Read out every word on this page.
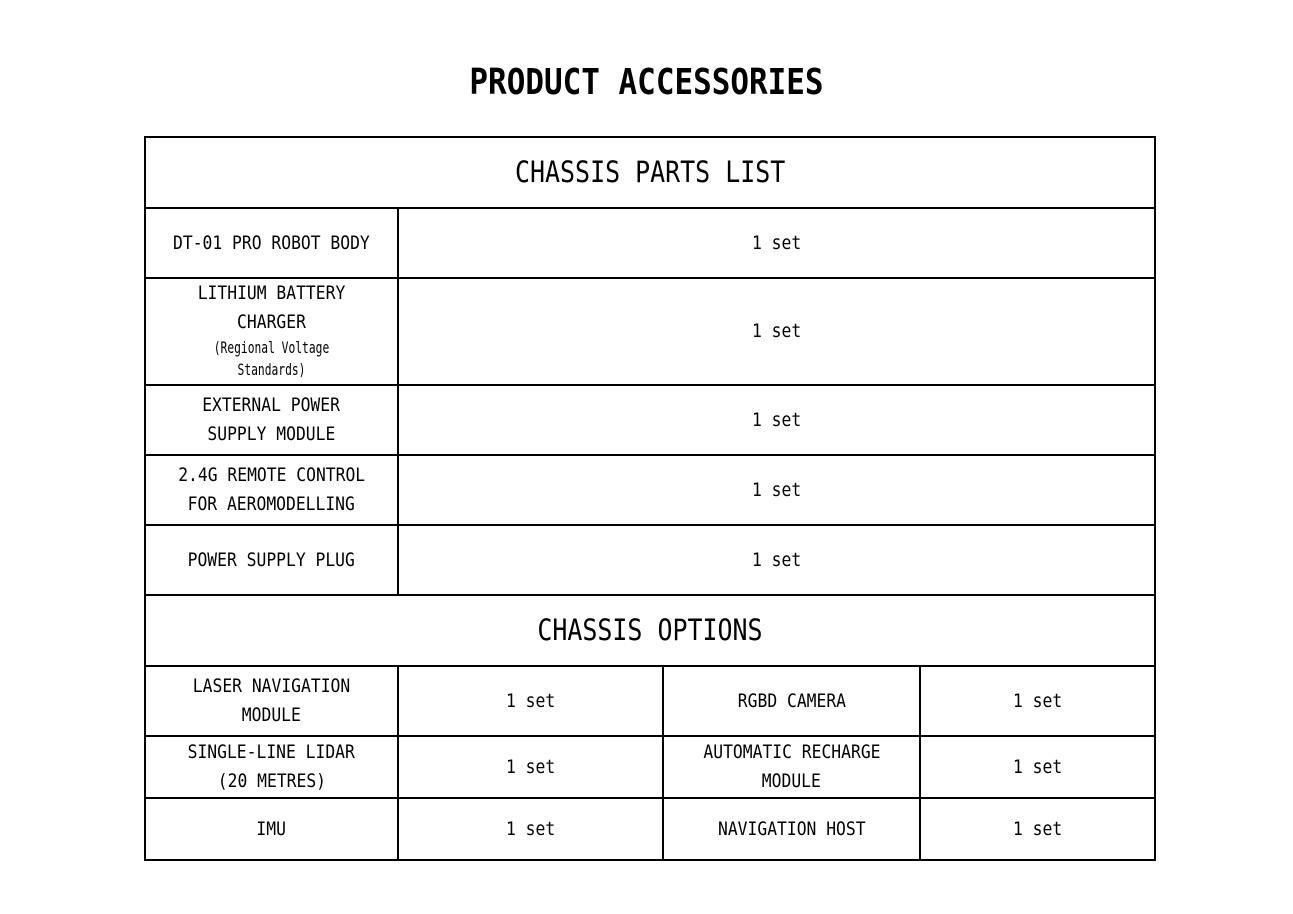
PRODUCT ACCESSORIES
CHASSIS PARTS LIST			
DT-01 PRO ROBOT BODY	1 set		
LITHIUM BATTERY CHARGER (Regional Voltage Standards)	1 set		
EXTERNAL POWER SUPPLY MODULE	1 set		
2.4G REMOTE CONTROL FOR AEROMODELLING	1 set		
POWER SUPPLY PLUG	1 set		
CHASSIS OPTIONS			
LASER NAVIGATION MODULE	1 set	RGBD CAMERA	1 set
SINGLE-LINE LIDAR (20 METRES)	1 set	AUTOMATIC RECHARGE MODULE	1 set
IMU	1 set	NAVIGATION HOST	1 set
